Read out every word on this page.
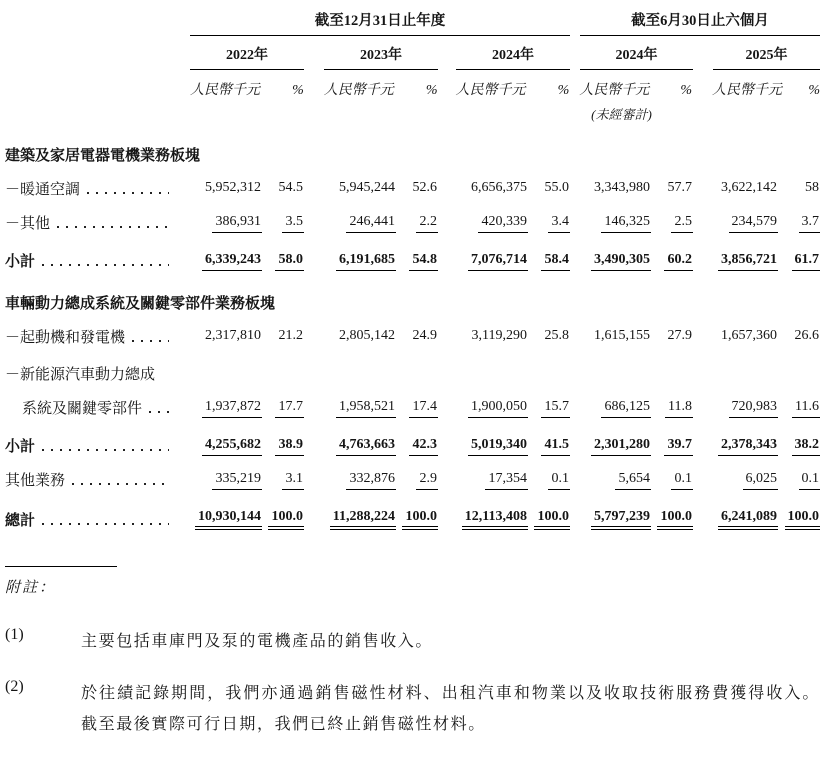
截至12月31日止年度	截至6月30日止六個月
2022年	2023年	2024年	2024年	2025年
人民幣千元	% 人民幣千元	% 人民幣千元	% 人民幣千元	% 人民幣千元	%
(未經審計)
建築及家居電器電機業務板塊
－暖通空調	5,952,312	54.5	5,945,244	52.6	6,656,375	55.0	3,343,980	57.7	3,622,142	58
－其他	386,931	3.5	246,441	2.2	420,339	3.4	146,325	2.5	234,579	3.7
小計	6,339,243	58.0	6,191,685	54.8	7,076,714	58.4	3,490,305	60.2	3,856,721	61.7
車輛動力總成系統及關鍵零部件業務板塊
－起動機和發電機	2,317,810	21.2	2,805,142	24.9	3,119,290	25.8	1,615,155	27.9	1,657,360	26.6
－新能源汽車動力總成
系統及關鍵零部件	1,937,872	17.7	1,958,521	17.4	1,900,050	15.7	686,125	11.8	720,983	11.6
小計	4,255,682	38.9	4,763,663	42.3	5,019,340	41.5	2,301,280	39.7	2,378,343	38.2
其他業務	335,219	3.1	332,876	2.9	17,354	0.1	5,654	0.1	6,025	0.1
總計	10,930,144 100.0	11,288,224 100.0	12,113,408 100.0	5,797,239 100.0	6,241,089 100.0
附註：
(1)	主要包括車庫門及泵的電機產品的銷售收入。
(2)	於往績記錄期間，我們亦通過銷售磁性材料、出租汽車和物業以及收取技術服務費獲得收入。截至最後實際可行日期，我們已終止銷售磁性材料。
